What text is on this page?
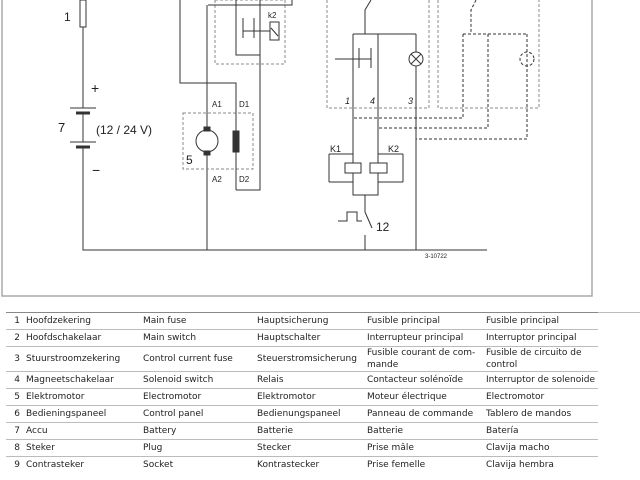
1
+
7	(12 / 24 V)
−
k2
A1 D1
A2 D2
5
1 4	3
K1	K2
12
3-10722
1	Hoofdzekering	Main fuse	Hauptsicherung	Fusible principal	Fusible principal
2	Hoofdschakelaar	Main switch	Hauptschalter	Interrupteur principal	Interruptor principal
3	Stuurstroomzekering	Control current fuse	Steuerstromsicherung	Fusible courant de com-mande	Fusible de circuito de control
4	Magneetschakelaar	Solenoid switch	Relais	Contacteur solénoïde	Interruptor de solenoide
5	Elektromotor	Electromotor	Elektromotor	Moteur électrique	Electromotor
6	Bedieningspaneel	Control panel	Bedienungspaneel	Panneau de commande	Tablero de mandos
7	Accu	Battery	Batterie	Batterie	Batería
8	Steker	Plug	Stecker	Prise mâle	Clavija macho
9	Contrasteker	Socket	Kontrastecker	Prise femelle	Clavija hembra
